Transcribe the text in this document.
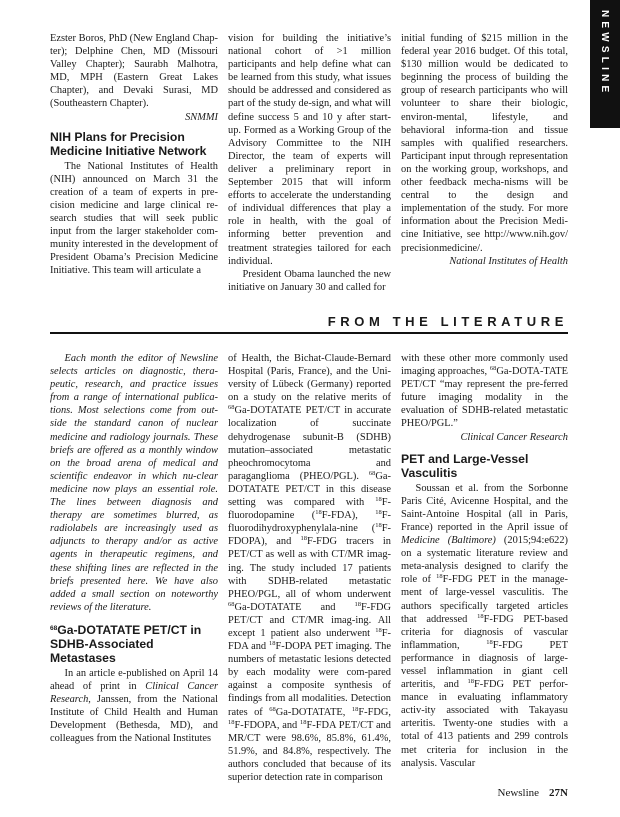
NEWSLINE

Ezster Boros, PhD (New England Chap-ter); Delphine Chen, MD (Missouri Valley Chapter); Saurabh Malhotra, MD, MPH (Eastern Great Lakes Chapter), and Devaki Surasi, MD (Southeastern Chapter).

SNMMI
NIH Plans for Precision Medicine Initiative Network

The National Institutes of Health (NIH) announced on March 31 the creation of a team of experts in pre-cision medicine and large clinical re-search studies that will seek public input from the larger stakeholder com-munity interested in the development of President Obama’s Precision Medicine Initiative. This team will articulate a

vision for building the initiative’s national cohort of >1 million participants and help define what can be learned from this study, what issues should be addressed and considered as part of the study de-sign, and what will define success 5 and 10 y after start-up. Formed as a Working Group of the Advisory Committee to the NIH Director, the team of experts will deliver a preliminary report in September 2015 that will inform efforts to accelerate the understanding of individual differences that play a role in health, with the goal of informing better prevention and treatment strategies tailored for each individual.

President Obama launched the new initiative on January 30 and called for

initial funding of $215 million in the federal year 2016 budget. Of this total, $130 million would be dedicated to beginning the process of building the group of research participants who will volunteer to share their biologic, environ-mental, lifestyle, and behavioral informa-tion and tissue samples with qualified researchers. Participant input through representation on the working group, workshops, and other feedback mecha-nisms will be central to the design and implementation of the study. For more information about the Precision Medi-cine Initiative, see http://www.nih.gov/ precisionmedicine/.

National Institutes of Health
FROM THE LITERATURE

Each month the editor of Newsline selects articles on diagnostic, thera-peutic, research, and practice issues from a range of international publica-tions. Most selections come from out-side the standard canon of nuclear medicine and radiology journals. These briefs are offered as a monthly window on the broad arena of medical and scientific endeavor in which nu-clear medicine now plays an essential role. The lines between diagnosis and therapy are sometimes blurred, as radiolabels are increasingly used as adjuncts to therapy and/or as active agents in therapeutic regimens, and these shifting lines are reflected in the briefs presented here. We have also added a small section on noteworthy reviews of the literature.

$^{68}$Ga-DOTATATE PET/CT in SDHB-Associated Metastases

In an article e-published on April 14 ahead of print in Clinical Cancer Research, Janssen, from the National Institute of Child Health and Human Development (Bethesda, MD), and colleagues from the National Institutes

of Health, the Bichat-Claude-Bernard Hospital (Paris, France), and the Uni-versity of Lübeck (Germany) reported on a study on the relative merits of $^{68}$Ga-DOTATATE PET/CT in accurate localization of succinate dehydrogenase subunit-B (SDHB) mutation–associated metastatic pheochromocytoma and paraganglioma (PHEO/PGL). $^{68}$Ga-DOTATATE PET/CT in this disease setting was compared with $^{18}$F-fluorodopamine ($^{18}$F-FDA), $^{18}$F- fluorodihydroxyphenylala-nine ($^{18}$F-FDOPA), and $^{18}$F-FDG tracers in PET/CT as well as with CT/MR imag-ing. The study included 17 patients with SDHB-related metastatic PHEO/PGL, all of whom underwent $^{68}$Ga-DOTATATE and $^{18}$F-FDG PET/CT and CT/MR imag-ing. All except 1 patient also underwent $^{18}$F-FDA and $^{18}$F-DOPA PET imaging. The numbers of metastatic lesions detected by each modality were com-pared against a composite synthesis of findings from all modalities. Detection rates of $^{68}$Ga-DOTATATE, $^{18}$F-FDG, $^{18}$F-FDOPA, and $^{18}$F-FDA PET/CT and MR/CT were 98.6%, 85.8%, 61.4%, 51.9%, and 84.8%, respectively. The authors concluded that because of its superior detection rate in comparison

with these other more commonly used imaging approaches, $^{68}$Ga-DOTA-TATE PET/CT “may represent the pre-ferred future imaging modality in the evaluation of SDHB-related metastatic PHEO/PGL.”

Clinical Cancer Research
PET and Large-Vessel Vasculitis

Soussan et al. from the Sorbonne Paris Cité, Avicenne Hospital, and the Saint-Antoine Hospital (all in Paris, France) reported in the April issue of Medicine (Baltimore) (2015;94:e622) on a systematic literature review and meta-analysis designed to clarify the role of $^{18}$F-FDG PET in the manage-ment of large-vessel vasculitis. The authors specifically targeted articles that addressed $^{18}$F-FDG PET-based criteria for diagnosis of vascular inflammation, $^{18}$F-FDG PET performance in diagnosis of large-vessel inflammation in giant cell arteritis, and $^{18}$F-FDG PET perfor-mance in evaluating inflammatory activ-ity associated with Takayasu arteritis. Twenty-one studies with a total of 413 patients and 299 controls met criteria for inclusion in the analysis. Vascular

Newsline 27N
